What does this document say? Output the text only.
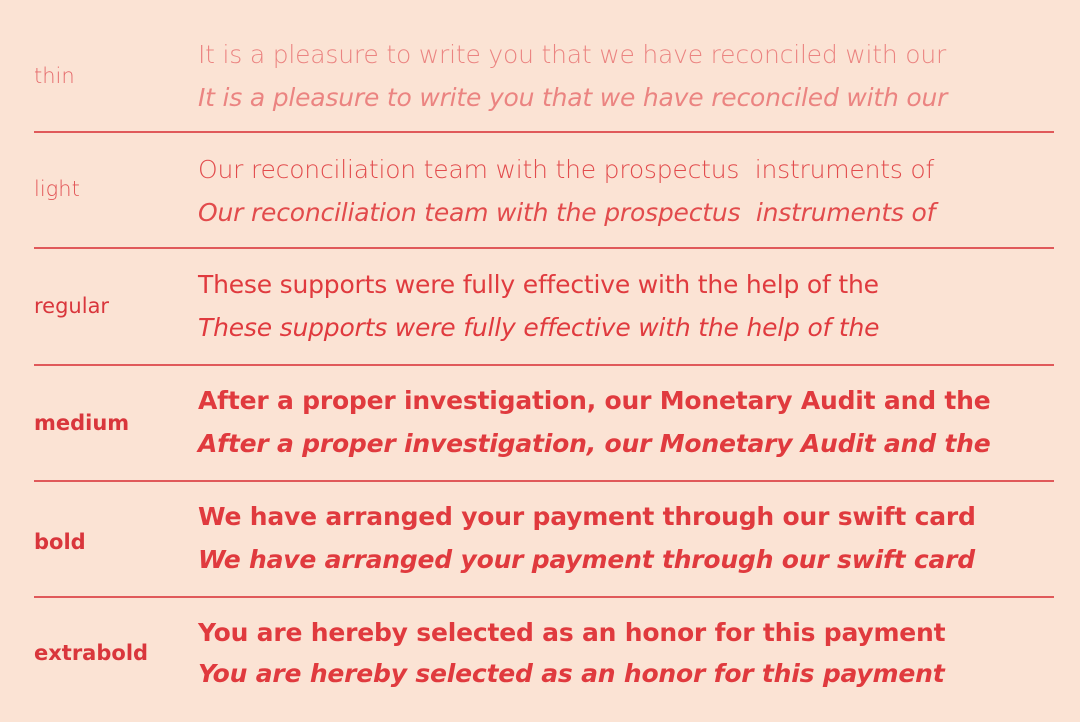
thin
It is a pleasure to write you that we have reconciled with our
It is a pleasure to write you that we have reconciled with our
light
Our reconciliation team with the prospectus  instruments of
Our reconciliation team with the prospectus  instruments of
regular
These supports were fully effective with the help of the
These supports were fully effective with the help of the
medium
After a proper investigation, our Monetary Audit and the
After a proper investigation, our Monetary Audit and the
bold
We have arranged your payment through our swift card
We have arranged your payment through our swift card
extrabold
You are hereby selected as an honor for this payment
You are hereby selected as an honor for this payment
